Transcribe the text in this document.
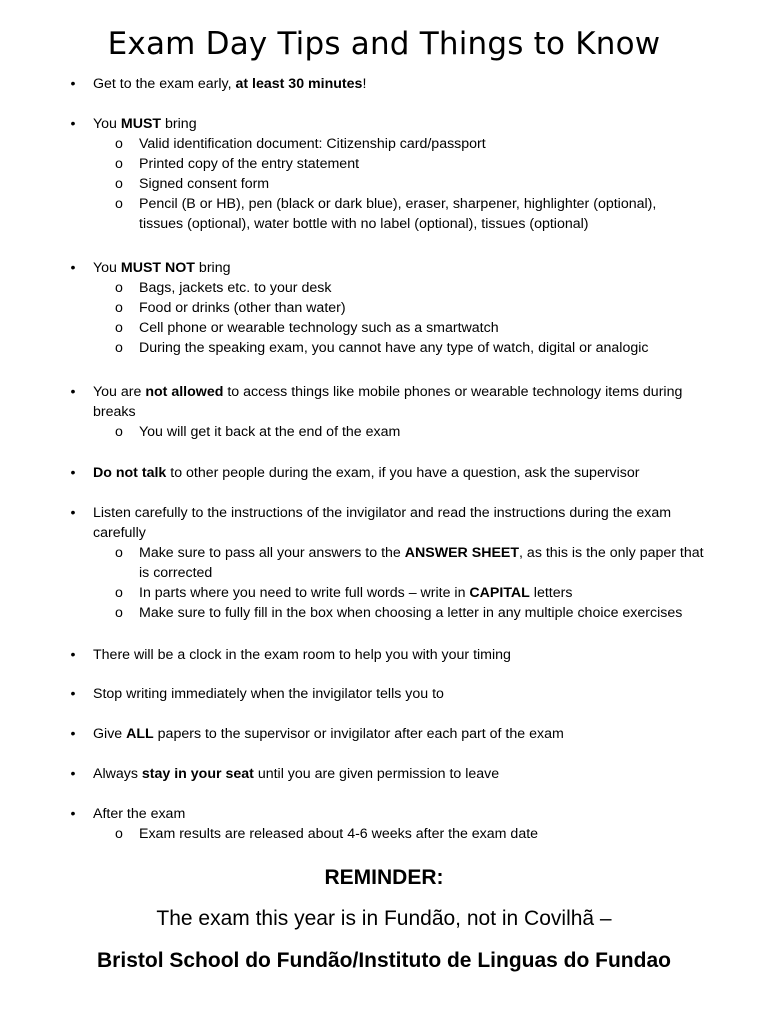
Exam Day Tips and Things to Know
•
Get to the exam early, at least 30 minutes!
•
You MUST bring
o
Valid identification document: Citizenship card/passport
o
Printed copy of the entry statement
o
Signed consent form
o
Pencil (B or HB), pen (black or dark blue), eraser, sharpener, highlighter (optional),
tissues (optional), water bottle with no label (optional), tissues (optional)
•
You MUST NOT bring
o
Bags, jackets etc. to your desk
o
Food or drinks (other than water)
o
Cell phone or wearable technology such as a smartwatch
o
During the speaking exam, you cannot have any type of watch, digital or analogic
•
You are not allowed to access things like mobile phones or wearable technology items during
breaks
o
You will get it back at the end of the exam
•
Do not talk to other people during the exam, if you have a question, ask the supervisor
•
Listen carefully to the instructions of the invigilator and read the instructions during the exam
carefully
o
Make sure to pass all your answers to the ANSWER SHEET, as this is the only paper that
is corrected
o
In parts where you need to write full words – write in CAPITAL letters
o
Make sure to fully fill in the box when choosing a letter in any multiple choice exercises
•
There will be a clock in the exam room to help you with your timing
•
Stop writing immediately when the invigilator tells you to
•
Give ALL papers to the supervisor or invigilator after each part of the exam
•
Always stay in your seat until you are given permission to leave
•
After the exam
o
Exam results are released about 4-6 weeks after the exam date
REMINDER:
The exam this year is in Fundão, not in Covilhã –
Bristol School do Fundão/Instituto de Linguas do Fundao
